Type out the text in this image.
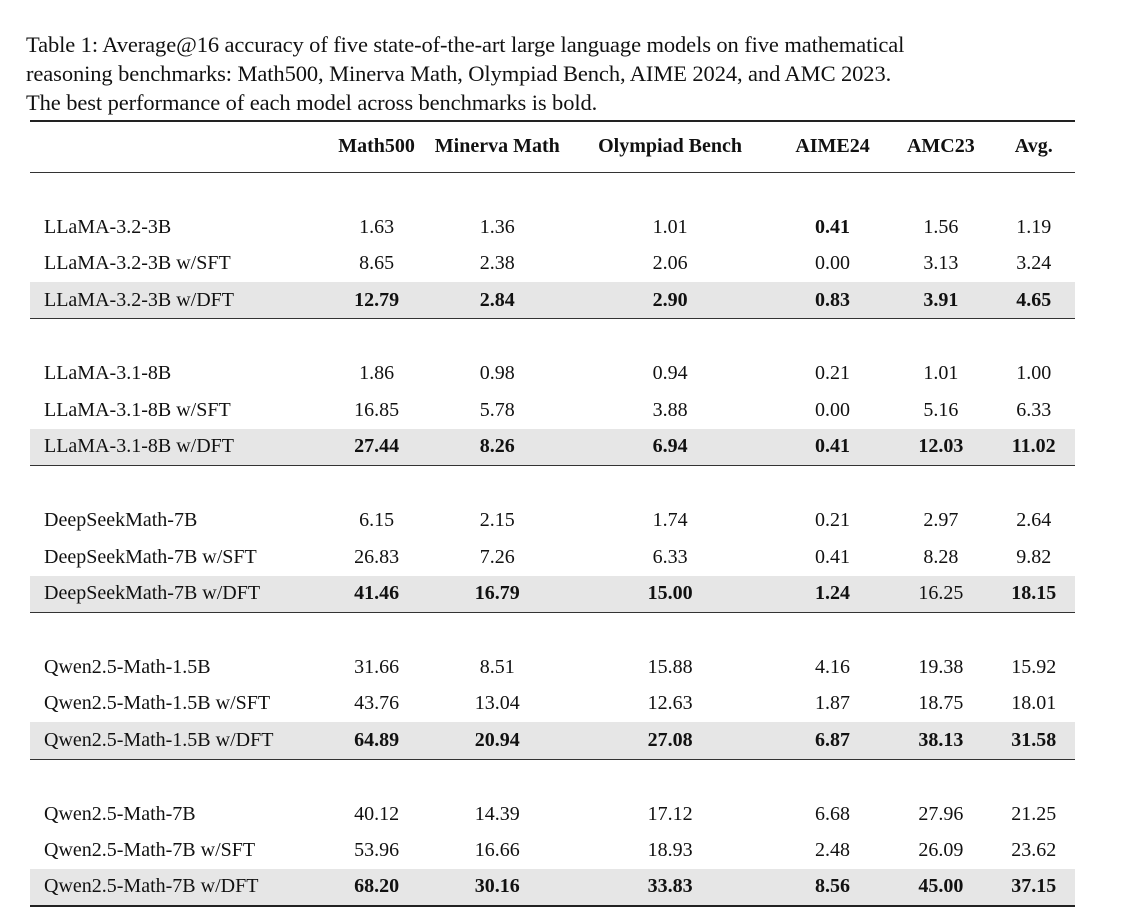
Table 1: Average@16 accuracy of five state-of-the-art large language models on five mathematical
reasoning benchmarks: Math500, Minerva Math, Olympiad Bench, AIME 2024, and AMC 2023.
The best performance of each model across benchmarks is bold.
	Math500	Minerva Math	Olympiad Bench	AIME24	AMC23	Avg.

LLaMA-3.2-3B	1.63	1.36	1.01	0.41	1.56	1.19
LLaMA-3.2-3B w/SFT	8.65	2.38	2.06	0.00	3.13	3.24
LLaMA-3.2-3B w/DFT	12.79	2.84	2.90	0.83	3.91	4.65

LLaMA-3.1-8B	1.86	0.98	0.94	0.21	1.01	1.00
LLaMA-3.1-8B w/SFT	16.85	5.78	3.88	0.00	5.16	6.33
LLaMA-3.1-8B w/DFT	27.44	8.26	6.94	0.41	12.03	11.02

DeepSeekMath-7B	6.15	2.15	1.74	0.21	2.97	2.64
DeepSeekMath-7B w/SFT	26.83	7.26	6.33	0.41	8.28	9.82
DeepSeekMath-7B w/DFT	41.46	16.79	15.00	1.24	16.25	18.15

Qwen2.5-Math-1.5B	31.66	8.51	15.88	4.16	19.38	15.92
Qwen2.5-Math-1.5B w/SFT	43.76	13.04	12.63	1.87	18.75	18.01
Qwen2.5-Math-1.5B w/DFT	64.89	20.94	27.08	6.87	38.13	31.58

Qwen2.5-Math-7B	40.12	14.39	17.12	6.68	27.96	21.25
Qwen2.5-Math-7B w/SFT	53.96	16.66	18.93	2.48	26.09	23.62
Qwen2.5-Math-7B w/DFT	68.20	30.16	33.83	8.56	45.00	37.15
